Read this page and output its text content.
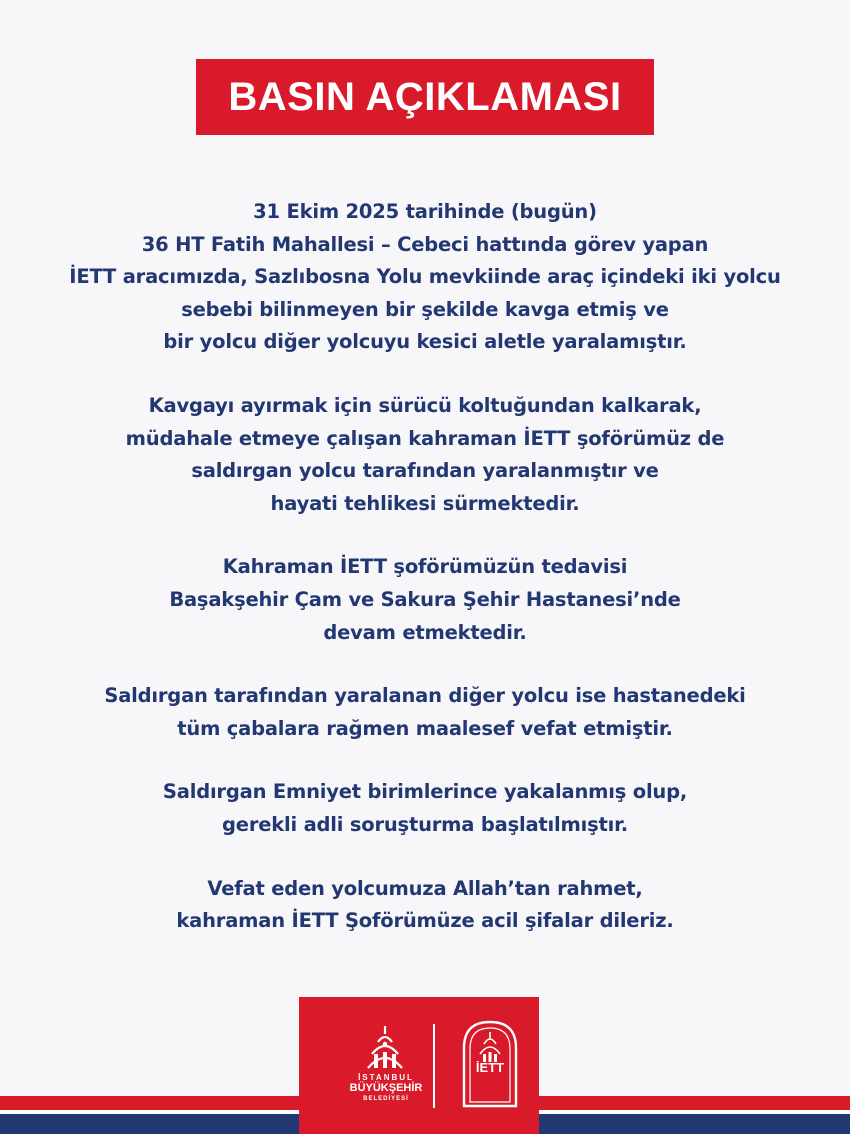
BASIN AÇIKLAMASI

31 Ekim 2025 tarihinde (bugün)
36 HT Fatih Mahallesi – Cebeci hattında görev yapan
İETT aracımızda, Sazlıbosna Yolu mevkiinde araç içindeki iki yolcu
sebebi bilinmeyen bir şekilde kavga etmiş ve
bir yolcu diğer yolcuyu kesici aletle yaralamıştır.

Kavgayı ayırmak için sürücü koltuğundan kalkarak,
müdahale etmeye çalışan kahraman İETT şoförümüz de
saldırgan yolcu tarafından yaralanmıştır ve
hayati tehlikesi sürmektedir.

Kahraman İETT şoförümüzün tedavisi
Başakşehir Çam ve Sakura Şehir Hastanesi’nde
devam etmektedir.

Saldırgan tarafından yaralanan diğer yolcu ise hastanedeki
tüm çabalara rağmen maalesef vefat etmiştir.

Saldırgan Emniyet birimlerince yakalanmış olup,
gerekli adli soruşturma başlatılmıştır.

Vefat eden yolcumuza Allah’tan rahmet,
kahraman İETT Şoförümüze acil şifalar dileriz.

İSTANBUL
BÜYÜKŞEHİR
BELEDİYESİ
İETT
